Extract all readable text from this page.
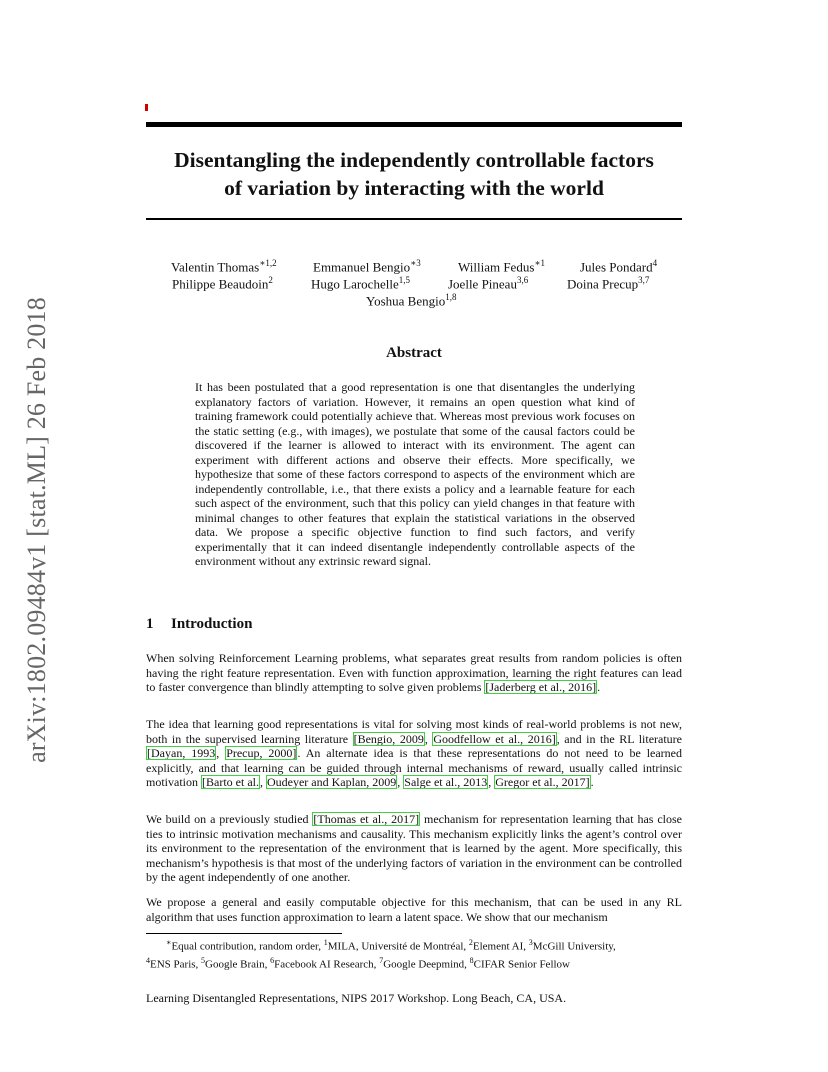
arXiv:1802.09484v1 [stat.ML] 26 Feb 2018
Disentangling the independently controllable factors
of variation by interacting with the world
Valentin Thomas$^{∗1,2}$	Emmanuel Bengio$^{∗3}$	William Fedus$^{∗1}$	Jules Pondard$^4$
Philippe Beaudoin$^2$	Hugo Larochelle$^{1,5}$	Joelle Pineau$^{3,6}$	Doina Precup$^{3,7}$
Yoshua Bengio$^{1,8}$
Abstract
It has been postulated that a good representation is one that disentangles the underlying explanatory factors of variation. However, it remains an open question what kind of training framework could potentially achieve that. Whereas most previous work focuses on the static setting (e.g., with images), we postulate that some of the causal factors could be discovered if the learner is allowed to interact with its environment. The agent can experiment with different actions and observe their effects. More specifically, we hypothesize that some of these factors correspond to aspects of the environment which are independently controllable, i.e., that there exists a policy and a learnable feature for each such aspect of the environment, such that this policy can yield changes in that feature with minimal changes to other features that explain the statistical variations in the observed data. We propose a specific objective function to find such factors, and verify experimentally that it can indeed disentangle independently controllable aspects of the environment without any extrinsic reward signal.
1 Introduction

When solving Reinforcement Learning problems, what separates great results from random policies is often having the right feature representation. Even with function approximation, learning the right features can lead to faster convergence than blindly attempting to solve given problems [Jaderberg et al., 2016].

The idea that learning good representations is vital for solving most kinds of real-world problems is not new, both in the supervised learning literature [Bengio, 2009, Goodfellow et al., 2016], and in the RL literature [Dayan, 1993, Precup, 2000]. An alternate idea is that these representations do not need to be learned explicitly, and that learning can be guided through internal mechanisms of reward, usually called intrinsic motivation [Barto et al., Oudeyer and Kaplan, 2009, Salge et al., 2013, Gregor et al., 2017].

We build on a previously studied [Thomas et al., 2017] mechanism for representation learning that has close ties to intrinsic motivation mechanisms and causality. This mechanism explicitly links the agent’s control over its environment to the representation of the environment that is learned by the agent. More specifically, this mechanism’s hypothesis is that most of the underlying factors of variation in the environment can be controlled by the agent independently of one another.

We propose a general and easily computable objective for this mechanism, that can be used in any RL algorithm that uses function approximation to learn a latent space. We show that our mechanism

∗Equal contribution, random order, $^1$MILA, Université de Montréal, $^2$Element AI, $^3$McGill University,
$^4$ENS Paris, $^5$Google Brain, $^6$Facebook AI Research, $^7$Google Deepmind, $^8$CIFAR Senior Fellow
Learning Disentangled Representations, NIPS 2017 Workshop. Long Beach, CA, USA.
